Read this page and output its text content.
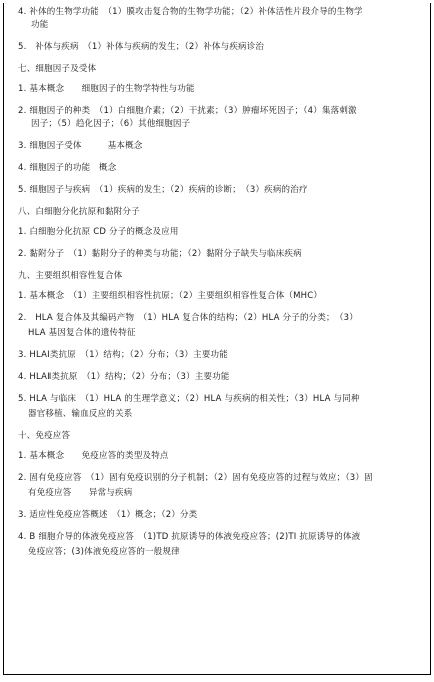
4. 补体的生物学功能　（1）膜攻击复合物的生物学功能；（2）补体活性片段介导的生物学
功能
5.　补体与疾病　（1）补体与疾病的发生；（2）补体与疾病诊治
七、细胞因子及受体
1. 基本概念　　细胞因子的生物学特性与功能
2. 细胞因子的种类　（1）白细胞介素；（2）干扰素；（3）肿瘤坏死因子；（4）集落刺激
因子；（5）趋化因子；（6）其他细胞因子
3. 细胞因子受体　　　基本概念
4. 细胞因子的功能　概念
5. 细胞因子与疾病　（1）疾病的发生；（2）疾病的诊断；　（3）疾病的治疗
八、白细胞分化抗原和黏附分子
1. 白细胞分化抗原 CD 分子的概念及应用
2. 黏附分子　（1）黏附分子的种类与功能；（2）黏附分子缺失与临床疾病
九、主要组织相容性复合体
1. 基本概念　（1）主要组织相容性抗原；（2）主要组织相容性复合体（MHC）
2.　HLA 复合体及其编码产物　（1）HLA 复合体的结构；（2）HLA 分子的分类；　（3）
HLA 基因复合体的遗传特征
3. HLAⅠ类抗原　（1）结构；（2）分布；（3）主要功能
4. HLAⅡ类抗原　（1）结构；（2）分布；（3）主要功能
5. HLA 与临床　（1）HLA 的生理学意义；（2）HLA 与疾病的相关性；（3）HLA 与同种
器官移植、输血反应的关系
十、免疫应答
1. 基本概念　　免疫应答的类型及特点
2. 固有免疫应答　（1）固有免疫识别的分子机制；（2）固有免疫应答的过程与效应；（3）固
有免疫应答　　异常与疾病
3. 适应性免疫应答概述　（1）概念；（2）分类
4. B 细胞介导的体液免疫应答　（1)TD 抗原诱导的体液免疫应答；(2)TI 抗原诱导的体液
免疫应答；(3)体液免疫应答的一般规律
